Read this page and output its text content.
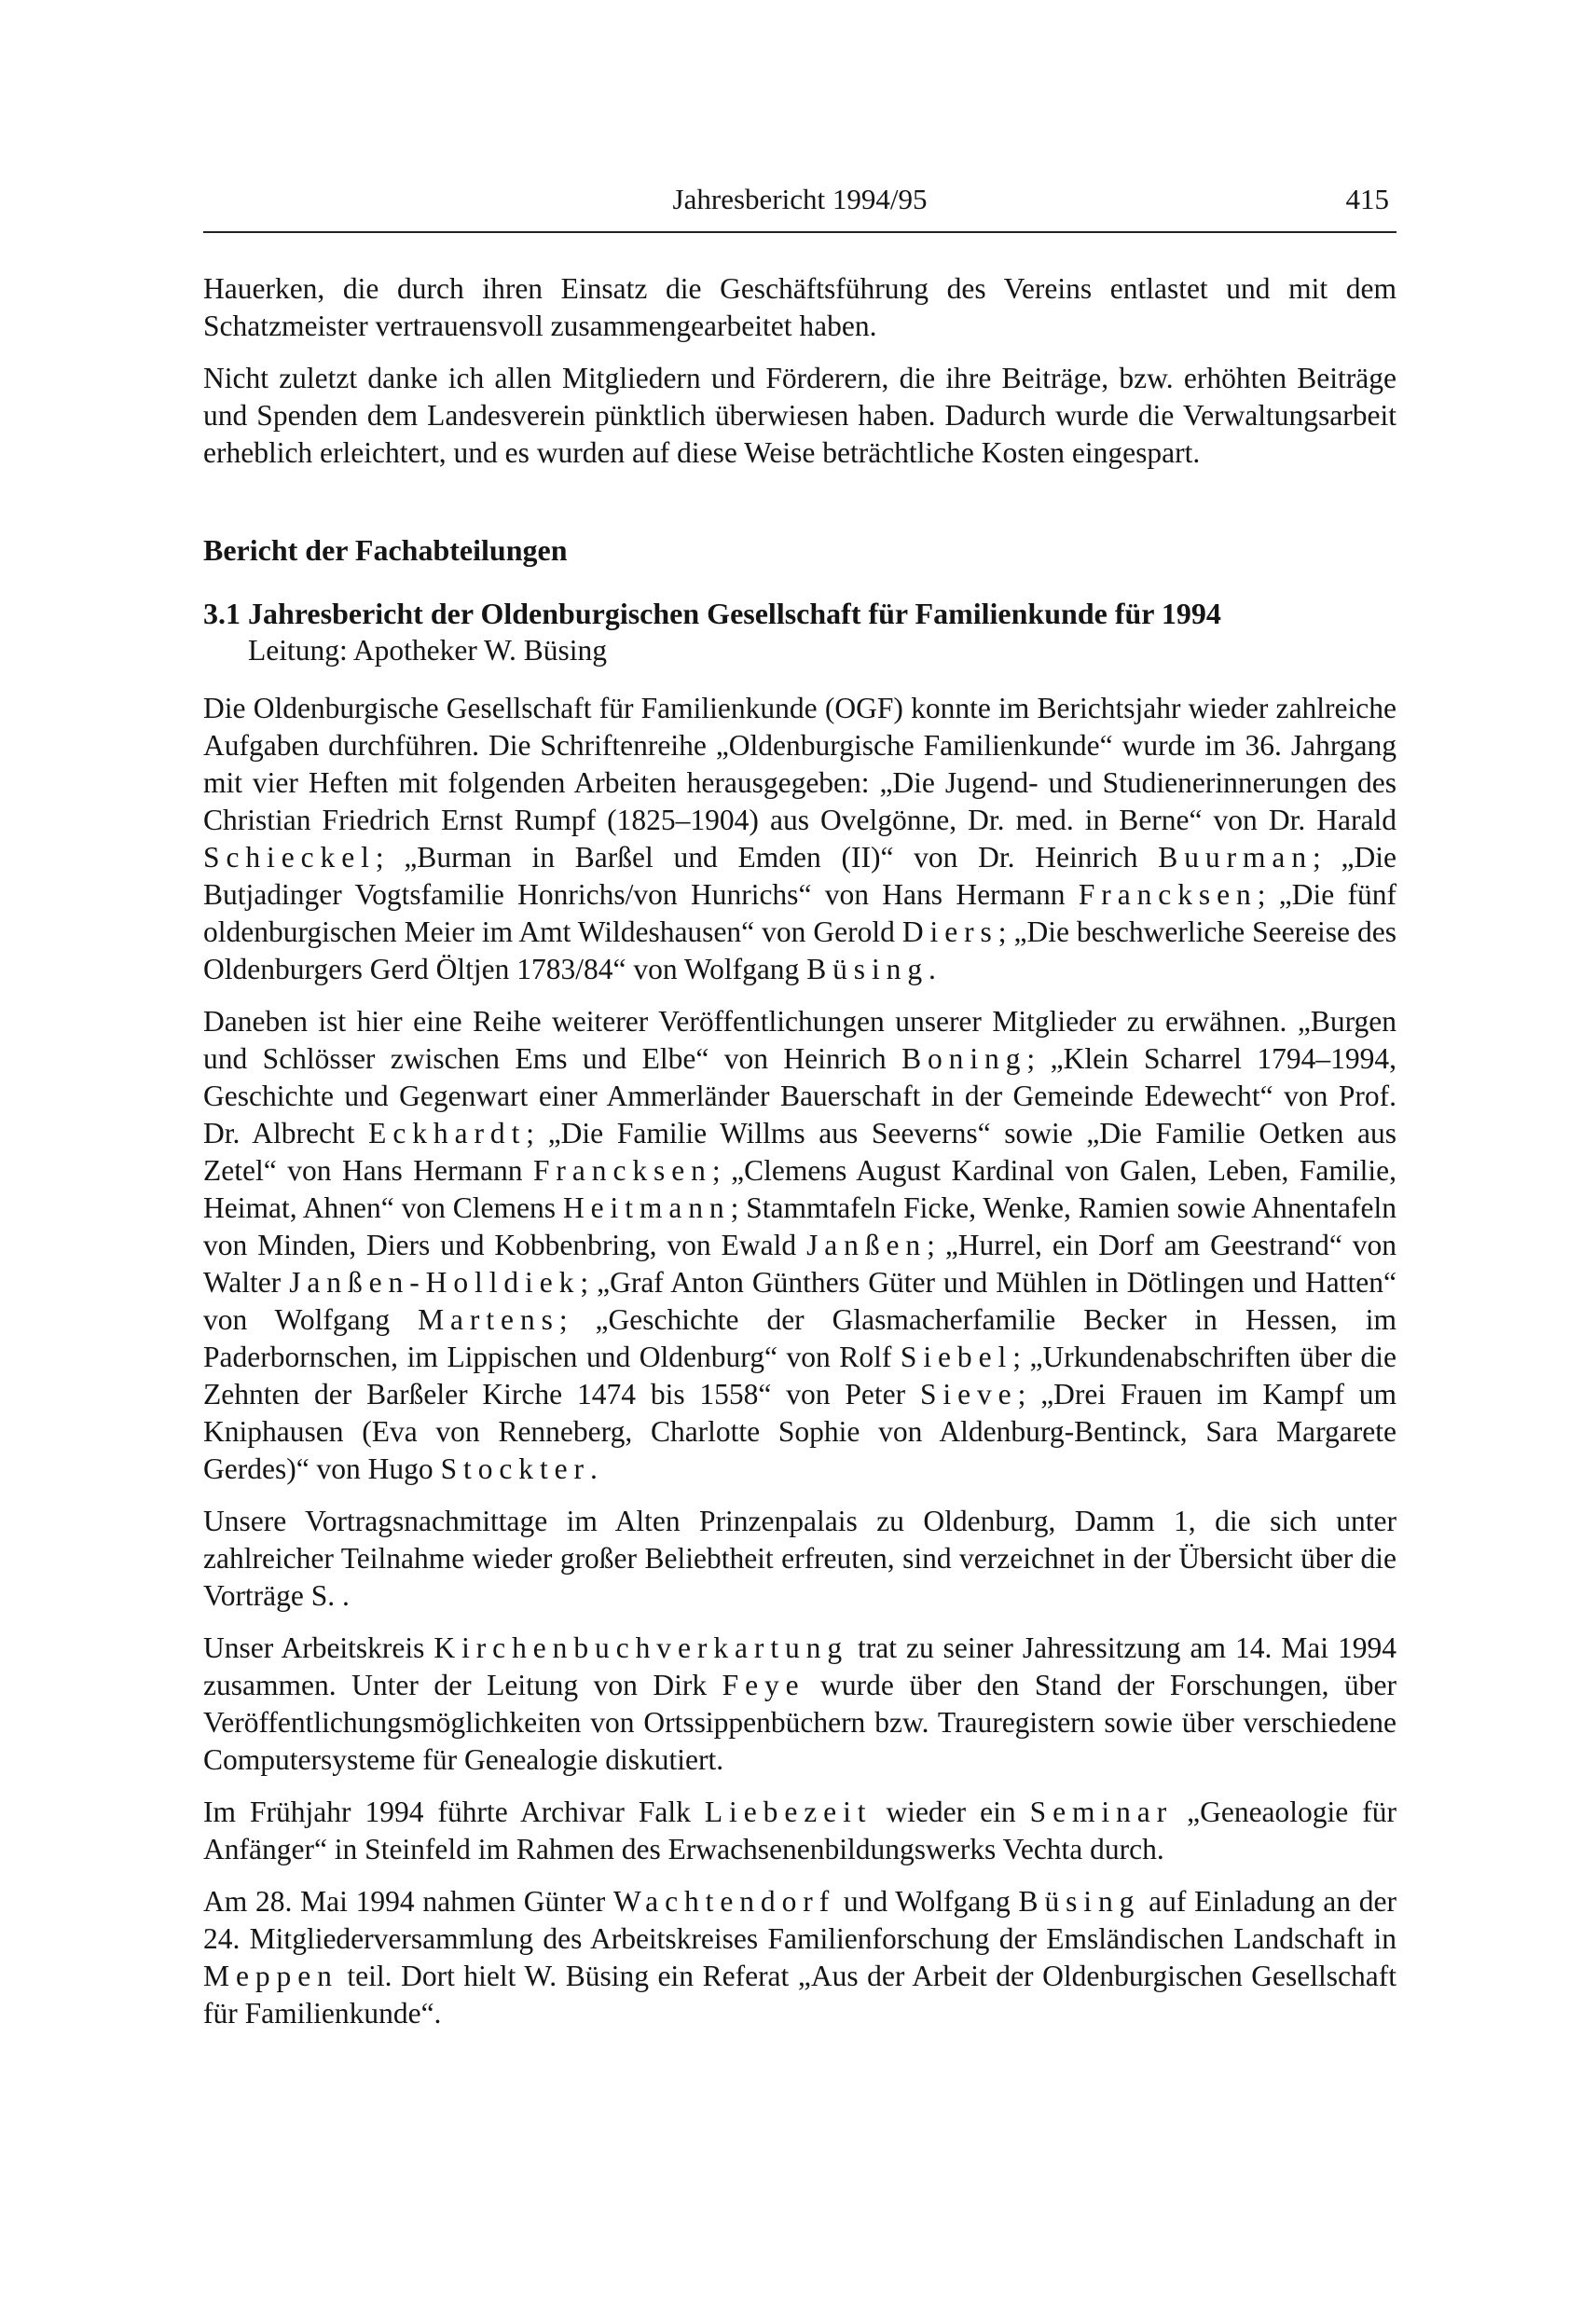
Jahresbericht 1994/95	415

Hauerken, die durch ihren Einsatz die Geschäftsführung des Vereins entlastet und mit dem Schatzmeister vertrauensvoll zusammengearbeitet haben.

Nicht zuletzt danke ich allen Mitgliedern und Förderern, die ihre Beiträge, bzw. erhöhten Beiträge und Spenden dem Landesverein pünktlich überwiesen haben. Dadurch wurde die Verwaltungsarbeit erheblich erleichtert, und es wurden auf diese Weise beträchtliche Kosten eingespart.

Bericht der Fachabteilungen
3.1 Jahresbericht der Oldenburgischen Gesellschaft für Familienkunde für 1994
Leitung: Apotheker W. Büsing

Die Oldenburgische Gesellschaft für Familienkunde (OGF) konnte im Berichtsjahr wieder zahlreiche Aufgaben durchführen. Die Schriftenreihe „Oldenburgische Familienkunde“ wurde im 36. Jahrgang mit vier Heften mit folgenden Arbeiten herausgegeben: „Die Jugend- und Studienerinnerungen des Christian Friedrich Ernst Rumpf (1825–1904) aus Ovelgönne, Dr. med. in Berne“ von Dr. Harald Schieckel; „Burman in Barßel und Emden (II)“ von Dr. Heinrich Buurman; „Die Butjadinger Vogtsfamilie Honrichs/von Hunrichs“ von Hans Hermann Francksen; „Die fünf oldenburgischen Meier im Amt Wildeshausen“ von Gerold Diers; „Die beschwerliche Seereise des Oldenburgers Gerd Öltjen 1783/84“ von Wolfgang Büsing.

Daneben ist hier eine Reihe weiterer Veröffentlichungen unserer Mitglieder zu erwähnen. „Burgen und Schlösser zwischen Ems und Elbe“ von Heinrich Boning; „Klein Scharrel 1794–1994, Geschichte und Gegenwart einer Ammerländer Bauerschaft in der Gemeinde Edewecht“ von Prof. Dr. Albrecht Eckhardt; „Die Familie Willms aus Seeverns“ sowie „Die Familie Oetken aus Zetel“ von Hans Hermann Francksen; „Clemens August Kardinal von Galen, Leben, Familie, Heimat, Ahnen“ von Clemens Heitmann; Stammtafeln Ficke, Wenke, Ramien sowie Ahnentafeln von Minden, Diers und Kobbenbring, von Ewald Janßen; „Hurrel, ein Dorf am Geestrand“ von Walter Janßen-Holldiek; „Graf Anton Günthers Güter und Mühlen in Dötlingen und Hatten“ von Wolfgang Martens; „Geschichte der Glasmacherfamilie Becker in Hessen, im Paderbornschen, im Lippischen und Oldenburg“ von Rolf Siebel; „Urkundenabschriften über die Zehnten der Barßeler Kirche 1474 bis 1558“ von Peter Sieve; „Drei Frauen im Kampf um Kniphausen (Eva von Renneberg, Charlotte Sophie von Aldenburg-Bentinck, Sara Margarete Gerdes)“ von Hugo Stockter.

Unsere Vortragsnachmittage im Alten Prinzenpalais zu Oldenburg, Damm 1, die sich unter zahlreicher Teilnahme wieder großer Beliebtheit erfreuten, sind verzeichnet in der Übersicht über die Vorträge S. .

Unser Arbeitskreis Kirchenbuchverkartung trat zu seiner Jahressitzung am 14. Mai 1994 zusammen. Unter der Leitung von Dirk Feye wurde über den Stand der Forschungen, über Veröffentlichungsmöglichkeiten von Ortssippenbüchern bzw. Trauregistern sowie über verschiedene Computersysteme für Genealogie diskutiert.

Im Frühjahr 1994 führte Archivar Falk Liebezeit wieder ein Seminar „Geneaologie für Anfänger“ in Steinfeld im Rahmen des Erwachsenenbildungswerks Vechta durch.

Am 28. Mai 1994 nahmen Günter Wachtendorf und Wolfgang Büsing auf Einladung an der 24. Mitgliederversammlung des Arbeitskreises Familienforschung der Emsländischen Landschaft in Meppen teil. Dort hielt W. Büsing ein Referat „Aus der Arbeit der Oldenburgischen Gesellschaft für Familienkunde“.
